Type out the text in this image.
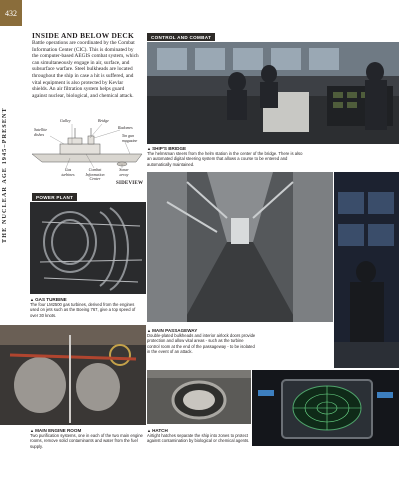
432
THE NUCLEAR AGE 1945–PRESENT
INSIDE AND BELOW DECK
Battle operations are coordinated by the Combat Information Center (CIC). This is dominated by the computer-based AEGIS combat system, which can simultaneously engage in air, surface, and subsurface warfare. Steel bulkheads are located throughout the ship in case a hit is suffered, and vital equipment is also protected by Kevlar shields. An air filtration system helps guard against nuclear, biological, and chemical attack.
Galley	Bridge
Radomes
Satellite dishes	5in gun magazine
Gas turbines
Combat Information Center
Sonar array
SIDEVIEW
CONTROL AND COMBAT
POWER PLANT
▲ SHIP'S BRIDGE
The helmsman steers from the helm station in the center of the bridge. There is also an automated digital steering system that allows a course to be entered and automatically maintained.
▲ GAS TURBINE
The four LM2500 gas turbines, derived from the engines used on jets such as the Boeing 767, give a top speed of over 30 knots.
▲ MAIN PASSAGEWAY
Double-plated bulkheads and interior airlock doors provide protection and allow vital areas - such as the turbine control room at the end of the passageway - to be isolated in the event of an attack.
▲ MAIN ENGINE ROOM
Two purification systems, one in each of the two main engine rooms, remove solid contaminants and water from the fuel supply.
▲ HATCH
Airtight hatches separate the ship into zones to protect against contamination by biological or chemical agents.
